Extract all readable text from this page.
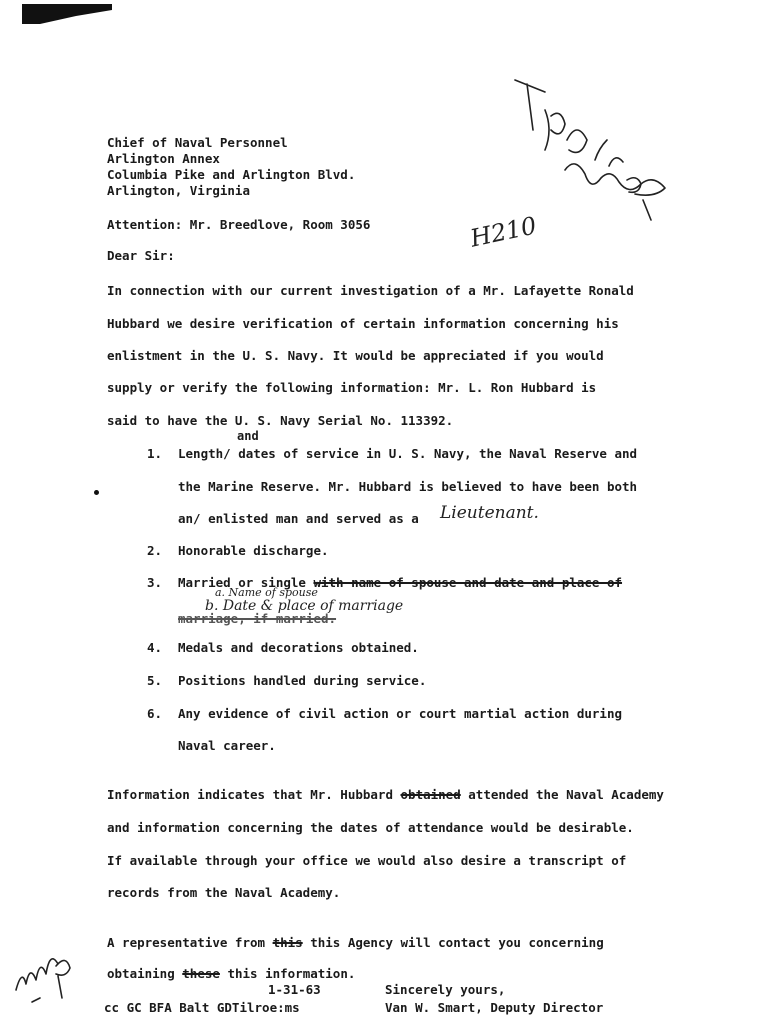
H210
Chief of Naval Personnel
Arlington Annex
Columbia Pike and Arlington Blvd.
Arlington, Virginia
Attention: Mr. Breedlove, Room 3056
Dear Sir:
In connection with our current investigation of a Mr. Lafayette Ronald
Hubbard we desire verification of certain information concerning his
enlistment in the U. S. Navy. It would be appreciated if you would
supply or verify the following information: Mr. L. Ron Hubbard is
said to have the U. S. Navy Serial No. 113392.
and
1. Length/ dates of service in U. S. Navy, the Naval Reserve and
the Marine Reserve. Mr. Hubbard is believed to have been both
an/ enlisted man and served as a Lieutenant.
2. Honorable discharge.
3. Married or single with name of spouse and date and place of
a. Name of spouse
b. Date & place of marriage
marriage, if married.
4. Medals and decorations obtained.
5. Positions handled during service.
6. Any evidence of civil action or court martial action during
Naval career.
Information indicates that Mr. Hubbard obtained attended the Naval Academy
and information concerning the dates of attendance would be desirable.
If available through your office we would also desire a transcript of
records from the Naval Academy.
A representative from this this Agency will contact you concerning
obtaining these this information.
1-31-63	Sincerely yours,
cc GC BFA Balt GDTilroe:ms	Van W. Smart, Deputy Director
